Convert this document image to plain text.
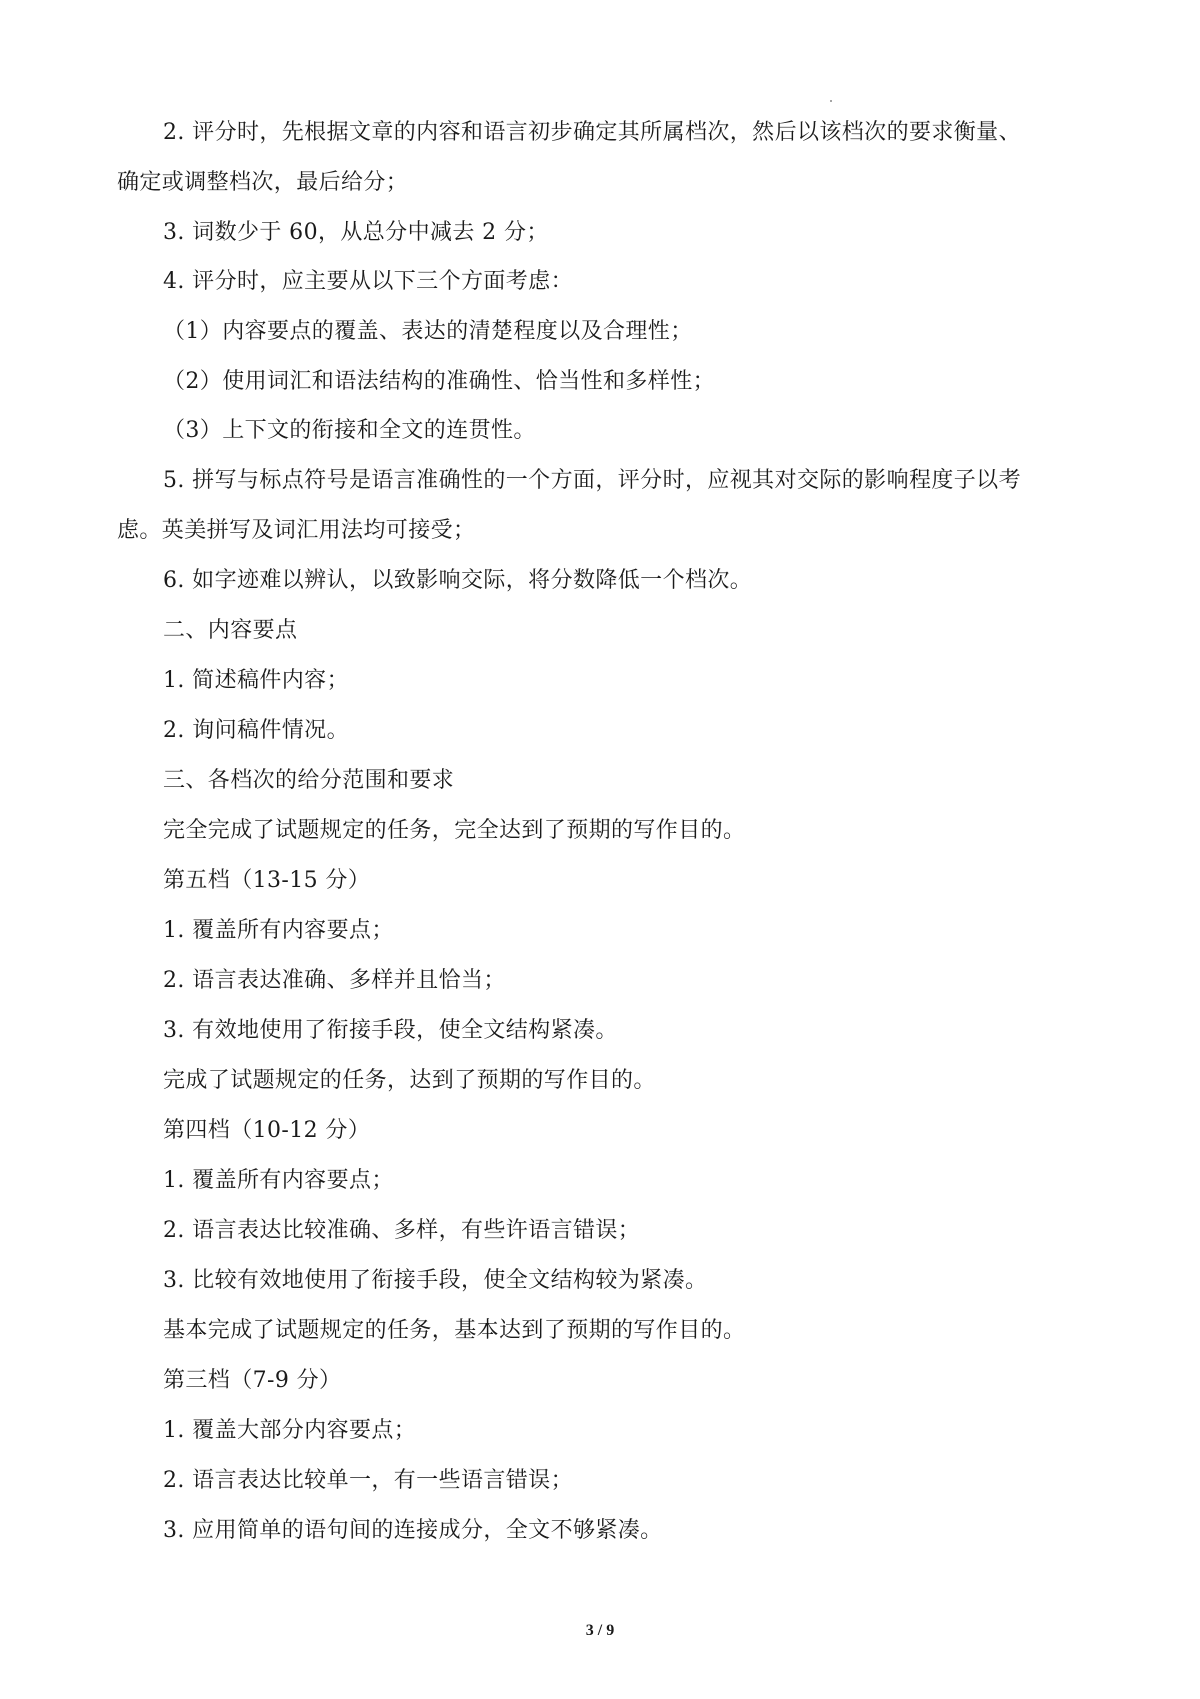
2. 评分时，先根据文章的内容和语言初步确定其所属档次，然后以该档次的要求衡量、
确定或调整档次，最后给分；
3. 词数少于 60，从总分中减去 2 分；
4. 评分时，应主要从以下三个方面考虑：
（1）内容要点的覆盖、表达的清楚程度以及合理性；
（2）使用词汇和语法结构的准确性、恰当性和多样性；
（3）上下文的衔接和全文的连贯性。
5. 拼写与标点符号是语言准确性的一个方面，评分时，应视其对交际的影响程度子以考
虑。英美拼写及词汇用法均可接受；
6. 如字迹难以辨认，以致影响交际，将分数降低一个档次。
二、内容要点
1. 简述稿件内容；
2. 询问稿件情况。
三、各档次的给分范围和要求
完全完成了试题规定的任务，完全达到了预期的写作目的。
第五档（13-15 分）
1. 覆盖所有内容要点；
2. 语言表达准确、多样并且恰当；
3. 有效地使用了衔接手段，使全文结构紧凑。
完成了试题规定的任务，达到了预期的写作目的。
第四档（10-12 分）
1. 覆盖所有内容要点；
2. 语言表达比较准确、多样，有些许语言错误；
3. 比较有效地使用了衔接手段，使全文结构较为紧凑。
基本完成了试题规定的任务，基本达到了预期的写作目的。
第三档（7-9 分）
1. 覆盖大部分内容要点；
2. 语言表达比较单一，有一些语言错误；
3. 应用简单的语句间的连接成分，全文不够紧凑。
3 / 9
